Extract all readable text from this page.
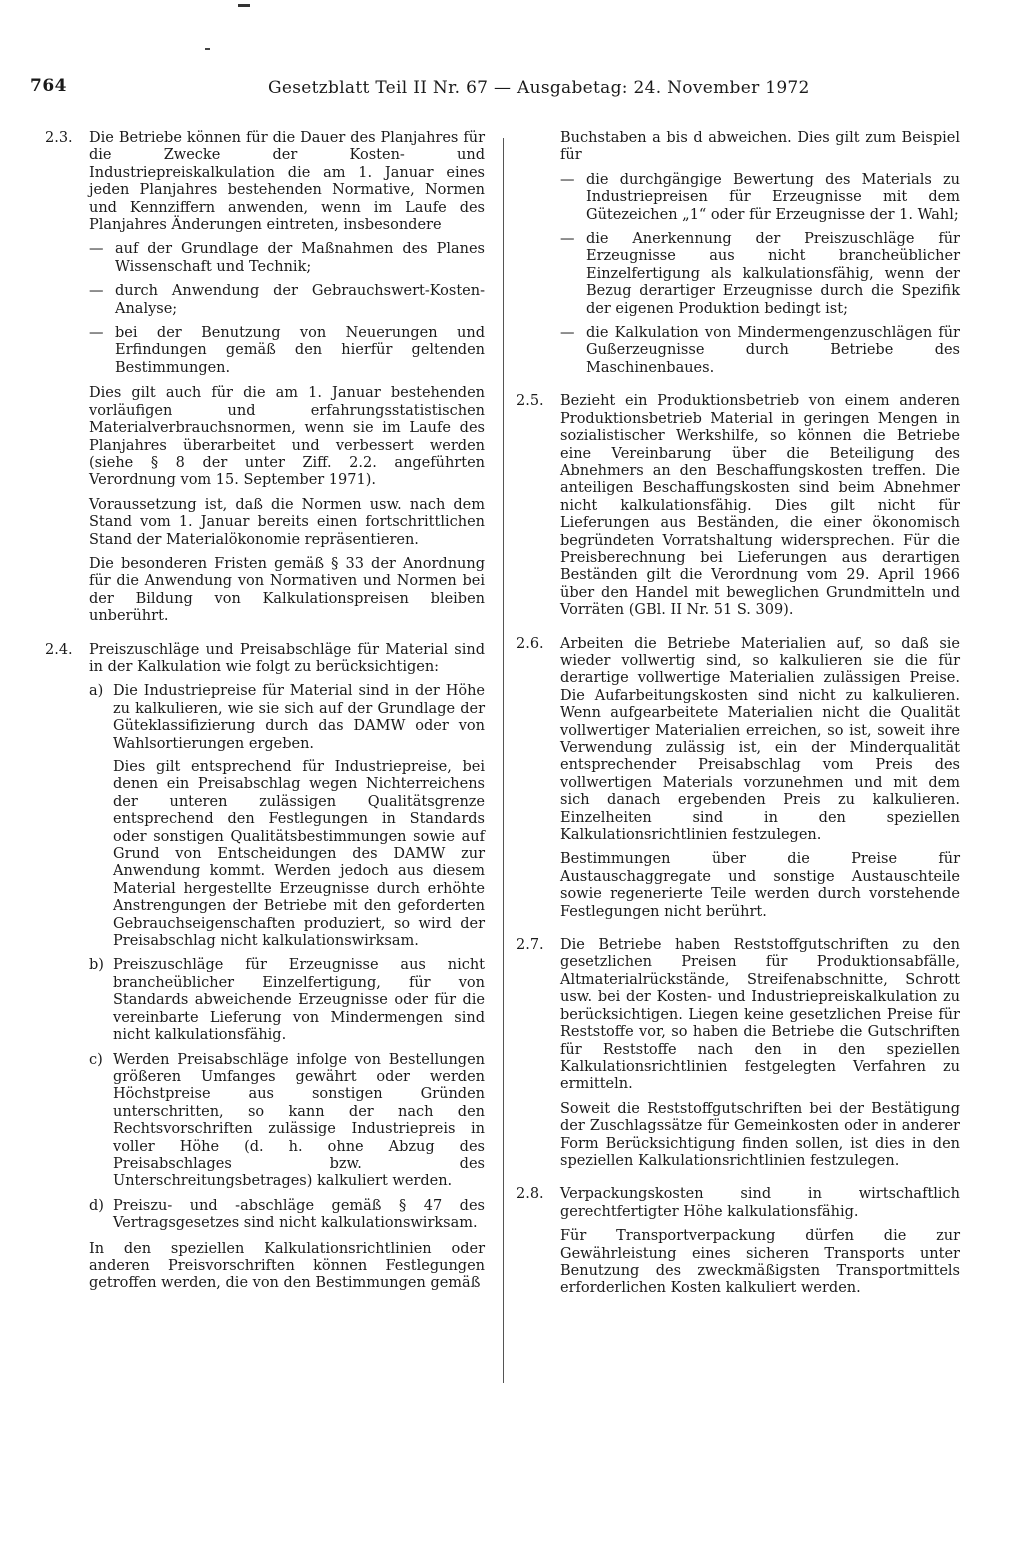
764	Gesetzblatt Teil II Nr. 67 — Ausgabetag: 24. November 1972
2.3.	Die Betriebe können für die Dauer des Planjahres für die Zwecke der Kosten- und Industriepreiskalkulation die am 1. Januar eines jeden Planjahres bestehenden Normative, Normen und Kennziffern anwenden, wenn im Laufe des Planjahres Änderungen eintreten, insbesondere

— auf der Grundlage der Maßnahmen des Planes Wissenschaft und Technik;
— durch Anwendung der Gebrauchswert-Kosten-Analyse;
— bei der Benutzung von Neuerungen und Erfindungen gemäß den hierfür geltenden Bestimmungen.

Dies gilt auch für die am 1. Januar bestehenden vorläufigen und erfahrungsstatistischen Materialverbrauchsnormen, wenn sie im Laufe des Planjahres überarbeitet und verbessert werden (siehe § 8 der unter Ziff. 2.2. angeführten Verordnung vom 15. September 1971).

Voraussetzung ist, daß die Normen usw. nach dem Stand vom 1. Januar bereits einen fortschrittlichen Stand der Materialökonomie repräsentieren.

Die besonderen Fristen gemäß § 33 der Anordnung für die Anwendung von Normativen und Normen bei der Bildung von Kalkulationspreisen bleiben unberührt.

2.4.	Preiszuschläge und Preisabschläge für Material sind in der Kalkulation wie folgt zu berücksichtigen:

a) Die Industriepreise für Material sind in der Höhe zu kalkulieren, wie sie sich auf der Grundlage der Güteklassifizierung durch das DAMW oder von Wahlsortierungen ergeben.

Dies gilt entsprechend für Industriepreise, bei denen ein Preisabschlag wegen Nichterreichens der unteren zulässigen Qualitätsgrenze entsprechend den Festlegungen in Standards oder sonstigen Qualitätsbestimmungen sowie auf Grund von Entscheidungen des DAMW zur Anwendung kommt. Werden jedoch aus diesem Material hergestellte Erzeugnisse durch erhöhte Anstrengungen der Betriebe mit den geforderten Gebrauchseigenschaften produziert, so wird der Preisabschlag nicht kalkulationswirksam.

b) Preiszuschläge für Erzeugnisse aus nicht brancheüblicher Einzelfertigung, für von Standards abweichende Erzeugnisse oder für die vereinbarte Lieferung von Mindermengen sind nicht kalkulationsfähig.

c) Werden Preisabschläge infolge von Bestellungen größeren Umfanges gewährt oder werden Höchstpreise aus sonstigen Gründen unterschritten, so kann der nach den Rechtsvorschriften zulässige Industriepreis in voller Höhe (d. h. ohne Abzug des Preisabschlages bzw. des Unterschreitungsbetrages) kalkuliert werden.

d) Preiszu- und -abschläge gemäß § 47 des Vertragsgesetzes sind nicht kalkulationswirksam.

In den speziellen Kalkulationsrichtlinien oder anderen Preisvorschriften können Festlegungen getroffen werden, die von den Bestimmungen gemäß

Buchstaben a bis d abweichen. Dies gilt zum Beispiel für

— die durchgängige Bewertung des Materials zu Industriepreisen für Erzeugnisse mit dem Gütezeichen „1“ oder für Erzeugnisse der 1. Wahl;
— die Anerkennung der Preiszuschläge für Erzeugnisse aus nicht brancheüblicher Einzelfertigung als kalkulationsfähig, wenn der Bezug derartiger Erzeugnisse durch die Spezifik der eigenen Produktion bedingt ist;
— die Kalkulation von Mindermengenzuschlägen für Gußerzeugnisse durch Betriebe des Maschinenbaues.
2.5.	Bezieht ein Produktionsbetrieb von einem anderen Produktionsbetrieb Material in geringen Mengen in sozialistischer Werkshilfe, so können die Betriebe eine Vereinbarung über die Beteiligung des Abnehmers an den Beschaffungskosten treffen. Die anteiligen Beschaffungskosten sind beim Abnehmer nicht kalkulationsfähig. Dies gilt nicht für Lieferungen aus Beständen, die einer ökonomisch begründeten Vorratshaltung widersprechen. Für die Preisberechnung bei Lieferungen aus derartigen Beständen gilt die Verordnung vom 29. April 1966 über den Handel mit beweglichen Grundmitteln und Vorräten (GBl. II Nr. 51 S. 309).

2.6.	Arbeiten die Betriebe Materialien auf, so daß sie wieder vollwertig sind, so kalkulieren sie die für derartige vollwertige Materialien zulässigen Preise. Die Aufarbeitungskosten sind nicht zu kalkulieren. Wenn aufgearbeitete Materialien nicht die Qualität vollwertiger Materialien erreichen, so ist, soweit ihre Verwendung zulässig ist, ein der Minderqualität entsprechender Preisabschlag vom Preis des vollwertigen Materials vorzunehmen und mit dem sich danach ergebenden Preis zu kalkulieren. Einzelheiten sind in den speziellen Kalkulationsrichtlinien festzulegen.

Bestimmungen über die Preise für Austauschaggregate und sonstige Austauschteile sowie regenerierte Teile werden durch vorstehende Festlegungen nicht berührt.

2.7.	Die Betriebe haben Reststoffgutschriften zu den gesetzlichen Preisen für Produktionsabfälle, Altmaterialrückstände, Streifenabschnitte, Schrott usw. bei der Kosten- und Industriepreiskalkulation zu berücksichtigen. Liegen keine gesetzlichen Preise für Reststoffe vor, so haben die Betriebe die Gutschriften für Reststoffe nach den in den speziellen Kalkulationsrichtlinien festgelegten Verfahren zu ermitteln.

Soweit die Reststoffgutschriften bei der Bestätigung der Zuschlagssätze für Gemeinkosten oder in anderer Form Berücksichtigung finden sollen, ist dies in den speziellen Kalkulationsrichtlinien festzulegen.

2.8.	Verpackungskosten sind in wirtschaftlich gerechtfertigter Höhe kalkulationsfähig.

Für Transportverpackung dürfen die zur Gewährleistung eines sicheren Transports unter Benutzung des zweckmäßigsten Transportmittels erforderlichen Kosten kalkuliert werden.
